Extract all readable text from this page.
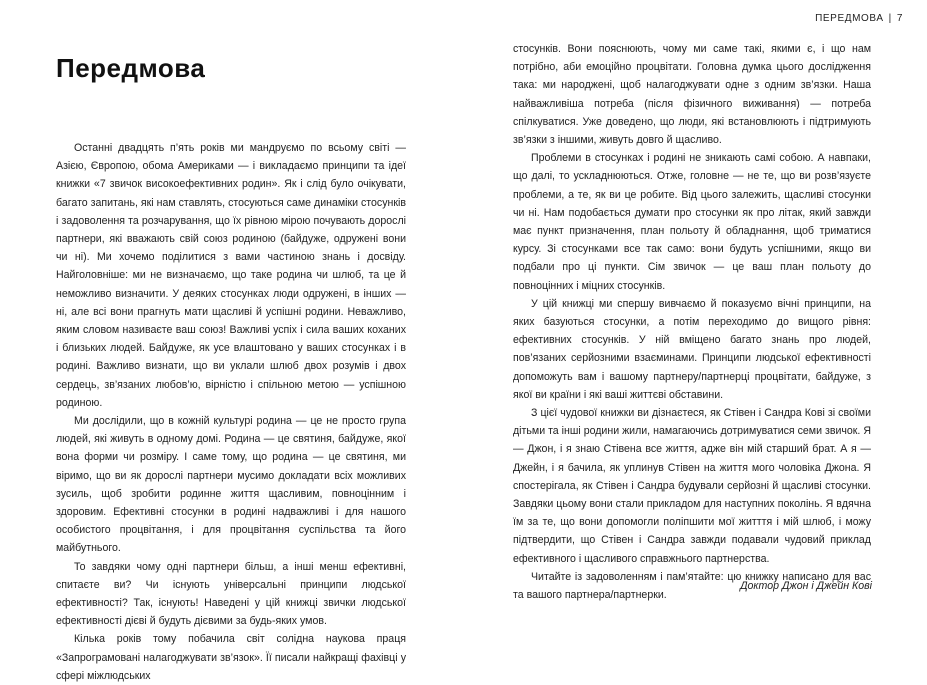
Передмова

Останні двадцять п’ять років ми мандруємо по всьому світі — Азією, Європою, обома Америками — і викладаємо принципи та ідеї книжки «7 звичок високоефективних родин». Як і слід було очікувати, багато запитань, які нам ставлять, стосуються саме динаміки стосунків і задоволення та розчарування, що їх рівною мірою почувають дорослі партнери, які вважають свій союз родиною (байдуже, одружені вони чи ні). Ми хочемо поділитися з вами частиною знань і досвіду. Найголовніше: ми не визначаємо, що таке родина чи шлюб, та це й неможливо визначити. У деяких стосунках люди одружені, в інших — ні, але всі вони прагнуть мати щасливі й успішні родини. Неважливо, яким словом називаєте ваш союз! Важливі успіх і сила ваших коханих і близьких людей. Байдуже, як усе влаштовано у ваших стосунках і в родині. Важливо визнати, що ви уклали шлюб двох розумів і двох сердець, зв’язаних любов’ю, вірністю і спільною метою — успішною родиною.

Ми дослідили, що в кожній культурі родина — це не просто група людей, які живуть в одному домі. Родина — це святиня, байдуже, якої вона форми чи розміру. І саме тому, що родина — це святиня, ми віримо, що ви як дорослі партнери мусимо докладати всіх можливих зусиль, щоб зробити родинне життя щасливим, повноцінним і здоровим. Ефективні стосунки в родині надважливі і для нашого особистого процвітання, і для процвітання суспільства та його майбутнього.

То завдяки чому одні партнери більш, а інші менш ефективні, спитаєте ви? Чи існують універсальні принципи людської ефективності? Так, існують! Наведені у цій книжці звички людської ефективності дієві й будуть дієвими за будь-яких умов.

Кілька років тому побачила світ солідна наукова праця «Запрограмовані налагоджувати зв’язок». Її писали найкращі фахівці у сфері міжлюдських

ПЕРЕДМОВА | 7

стосунків. Вони пояснюють, чому ми саме такі, якими є, і що нам потрібно, аби емоційно процвітати. Головна думка цього дослідження така: ми народжені, щоб налагоджувати одне з одним зв’язки. Наша найважливіша потреба (після фізичного виживання) — потреба спілкуватися. Уже доведено, що люди, які встановлюють і підтримують зв’язки з іншими, живуть довго й щасливо.

Проблеми в стосунках і родині не зникають самі собою. А навпаки, що далі, то ускладнюються. Отже, головне — не те, що ви розв’язуєте проблеми, а те, як ви це робите. Від цього залежить, щасливі стосунки чи ні. Нам подобається думати про стосунки як про літак, який завжди має пункт призначення, план польоту й обладнання, щоб триматися курсу. Зі стосунками все так само: вони будуть успішними, якщо ви подбали про ці пункти. Сім звичок — це ваш план польоту до повноцінних і міцних стосунків.

У цій книжці ми спершу вивчаємо й показуємо вічні принципи, на яких базуються стосунки, а потім переходимо до вищого рівня: ефективних стосунків. У ній вміщено багато знань про людей, пов’язаних серйозними взаєминами. Принципи людської ефективності допоможуть вам і вашому партнеру/партнерці процвітати, байдуже, з якої ви країни і які ваші життєві обставини.

З цієї чудової книжки ви дізнаєтеся, як Стівен і Сандра Кові зі своїми дітьми та іншi родини жили, намагаючись дотримуватися семи звичок. Я — Джон, і я знаю Стівена все життя, адже він мій старший брат. А я — Джейн, і я бачила, як уплинув Стівен на життя мого чоловіка Джона. Я спостерігала, як Стівен і Сандра будували серйозні й щасливі стосунки. Завдяки цьому вони стали прикладом для наступних поколінь. Я вдячна їм за те, що вони допомогли поліпшити мої житття і мій шлюб, і можу підтвердити, що Стівен і Сандра завжди подавали чудовий приклад ефективного і щасливого справжнього партнерства.

Читайте із задоволенням і пам’ятайте: цю книжку написано для вас та вашого партнера/партнерки.

Доктор Джон і Джейн Кові
